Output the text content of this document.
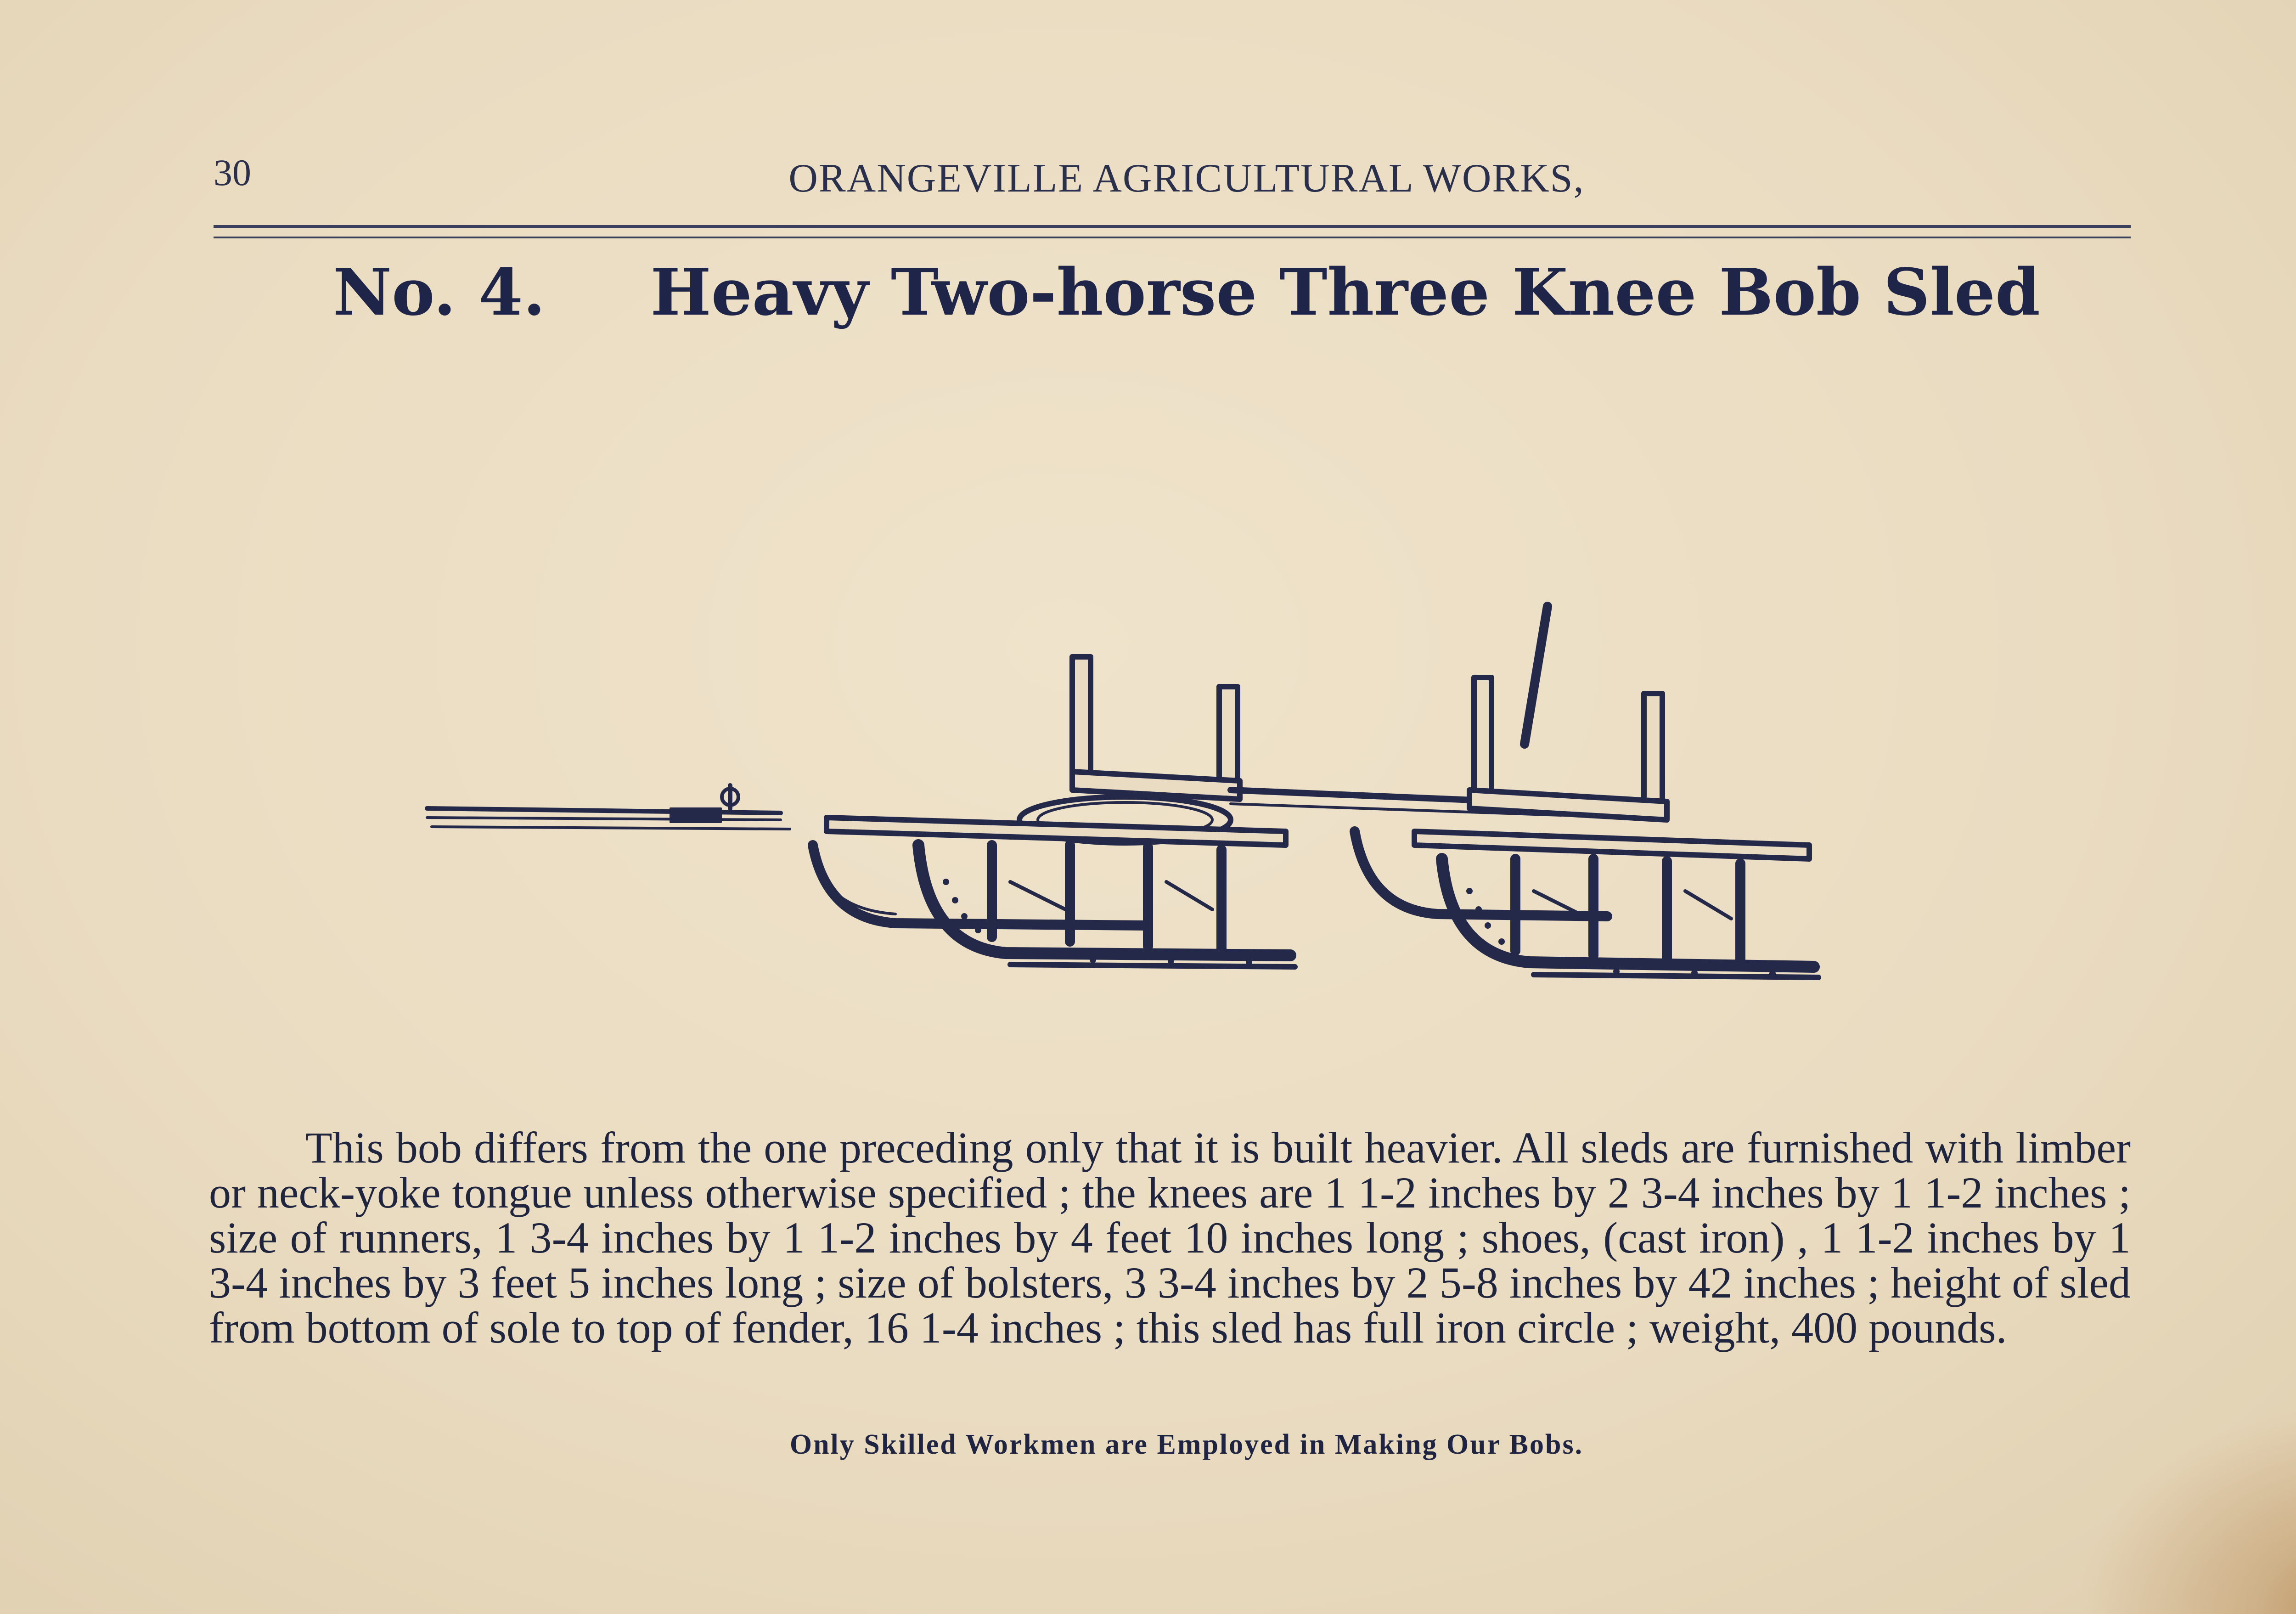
30	ORANGEVILLE AGRICULTURAL WORKS,
No. 4. Heavy Two-horse Three Knee Bob Sled
This bob differs from the one preceding only that it is built heavier. All sleds are furnished with limber or neck-yoke tongue unless otherwise specified ; the knees are 1 1-2 inches by 2 3-4 inches by 1 1-2 inches ; size of runners, 1 3-4 inches by 1 1-2 inches by 4 feet 10 inches long ; shoes, (cast iron) , 1 1-2 inches by 1 3-4 inches by 3 feet 5 inches long ; size of bolsters, 3 3-4 inches by 2 5-8 inches by 42 inches ; height of sled from bottom of sole to top of fender, 16 1-4 inches ; this sled has full iron circle ; weight, 400 pounds.
Only Skilled Workmen are Employed in Making Our Bobs.
